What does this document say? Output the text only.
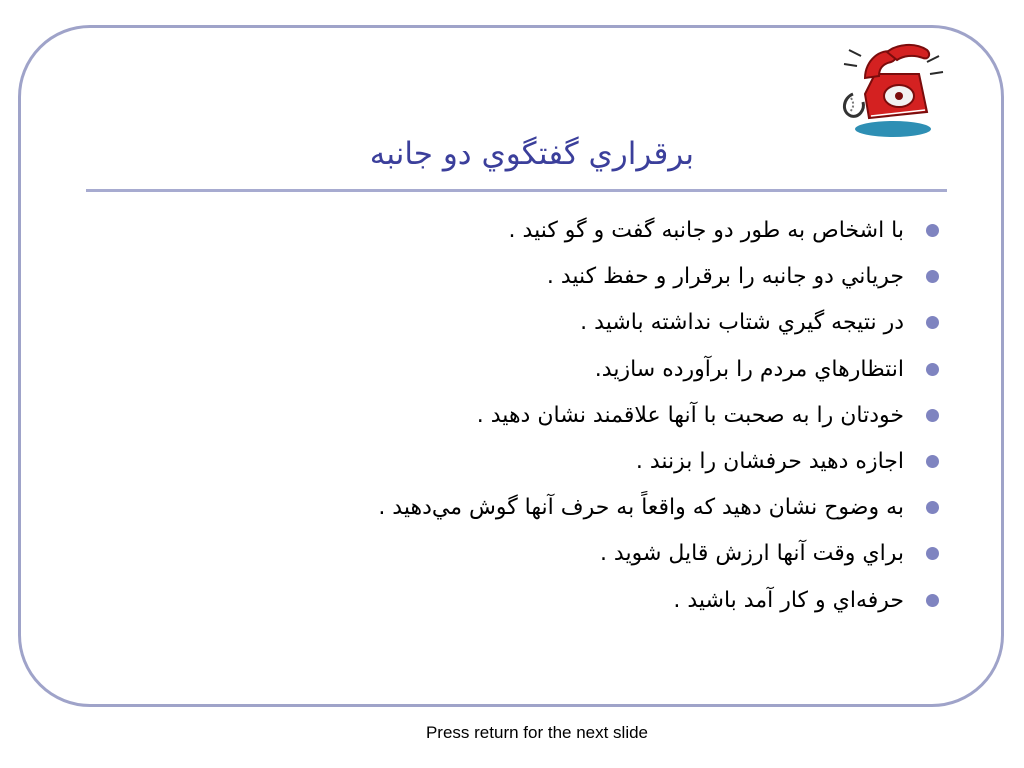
برقراري گفتگوي دو جانبه
با اشخاص به طور دو جانبه گفت و گو كنيد .
جرياني دو جانبه را برقرار و حفظ كنيد .
در نتيجه گيري شتاب نداشته باشيد .
انتظارهاي مردم را برآورده سازيد.
خودتان را به صحبت با آنها علاقمند نشان دهيد .
اجازه دهيد حرفشان را بزنند .
به وضوح نشان دهيد كه واقعاً به حرف آنها گوش مي‌دهيد .
براي وقت آنها ارزش قايل شويد .
حرفه‌اي و كار آمد باشيد .
Press return for the next slide
